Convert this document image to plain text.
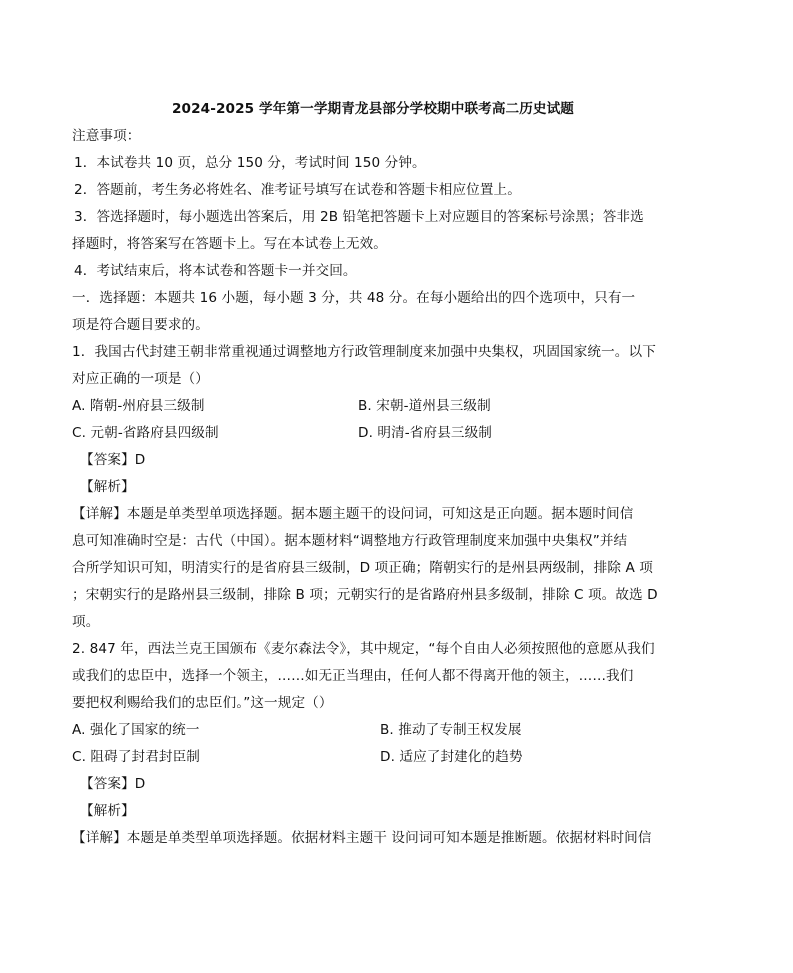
2024-2025 学年第一学期青龙县部分学校期中联考高二历史试题
注意事项：
1．本试卷共 10 页，总分 150 分，考试时间 150 分钟。
2．答题前，考生务必将姓名、准考证号填写在试卷和答题卡相应位置上。
3．答选择题时，每小题选出答案后，用 2B 铅笔把答题卡上对应题目的答案标号涂黑；答非选
择题时，将答案写在答题卡上。写在本试卷上无效。
4．考试结束后，将本试卷和答题卡一并交回。
一．选择题：本题共 16 小题，每小题 3 分，共 48 分。在每小题给出的四个选项中，只有一
项是符合题目要求的。
1．我国古代封建王朝非常重视通过调整地方行政管理制度来加强中央集权，巩固国家统一。以下
对应正确的一项是（）
A. 隋朝-州府县三级制	B. 宋朝-道州县三级制
C. 元朝-省路府县四级制	D. 明清-省府县三级制
【答案】D
【解析】
【详解】本题是单类型单项选择题。据本题主题干的设问词，可知这是正向题。据本题时间信
息可知准确时空是：古代（中国）。据本题材料“调整地方行政管理制度来加强中央集权”并结
合所学知识可知，明清实行的是省府县三级制，D 项正确；隋朝实行的是州县两级制，排除 A 项
；宋朝实行的是路州县三级制，排除 B 项；元朝实行的是省路府州县多级制，排除 C 项。故选 D
项。
2. 847 年，西法兰克王国颁布《麦尔森法令》，其中规定，“每个自由人必须按照他的意愿从我们
或我们的忠臣中，选择一个领主，……如无正当理由，任何人都不得离开他的领主，……我们
要把权利赐给我们的忠臣们。”这一规定（）
A. 强化了国家的统一	B. 推动了专制王权发展
C. 阻碍了封君封臣制	D. 适应了封建化的趋势
【答案】D
【解析】
【详解】本题是单类型单项选择题。依据材料主题干 设问词可知本题是推断题。依据材料时间信
